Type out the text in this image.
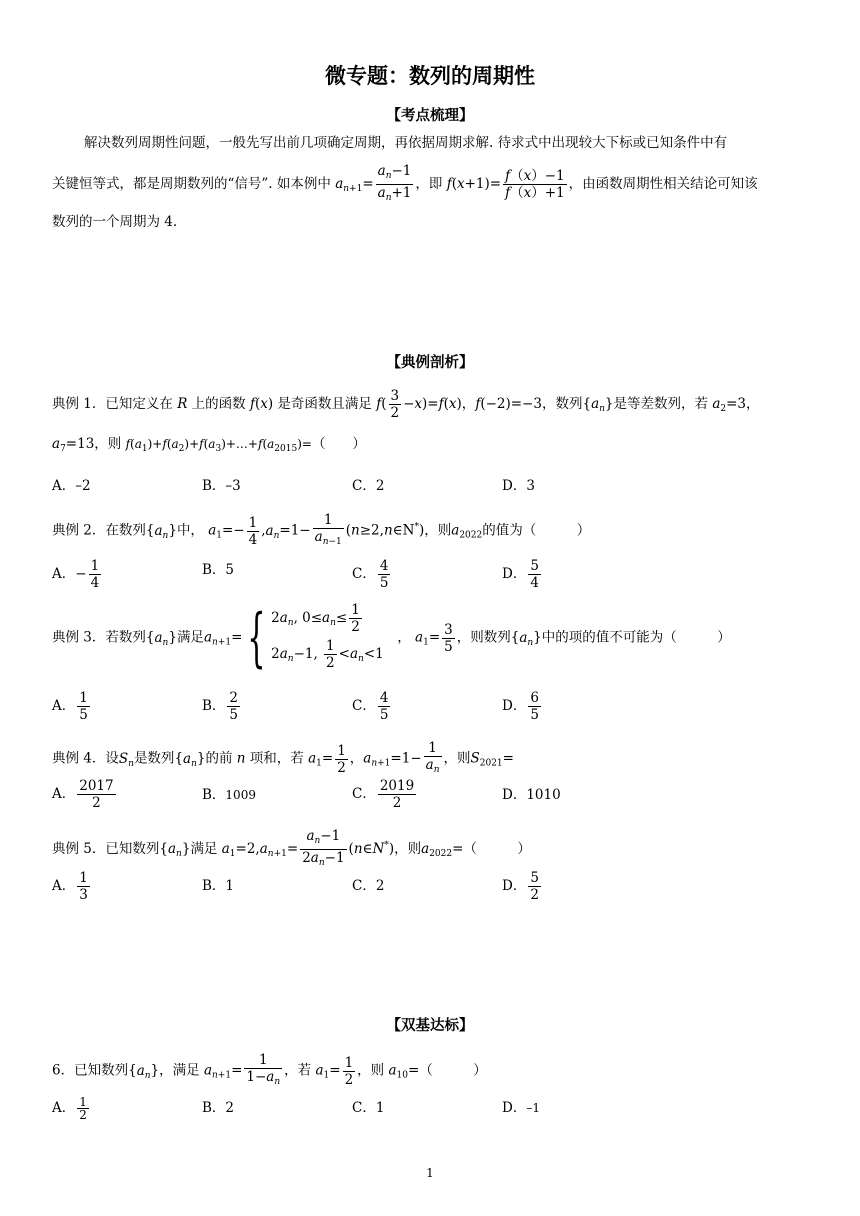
微专题：数列的周期性
【考点梳理】
解决数列周期性问题，一般先写出前几项确定周期，再依据周期求解. 待求式中出现较大下标或已知条件中有
关键恒等式，都是周期数列的“信号”. 如本例中 $a_{n+1}= \frac{a_n-1}{a_n+1}$ ，即 $f(x+1)= \frac{f(x)-1}{f(x)+1}$ ，由函数周期性相关结论可知该
数列的一个周期为 4.
【典例剖析】
典例 1．已知定义在 R 上的函数 f(x) 是奇函数且满足 $f( \frac{3}{2} -x)=f(x)$，f(−2)=−3，数列$\{a_n\}$是等差数列，若 $a_2=3$，
$a_7=13$，则 $f(a_1)+f(a_2)+f(a_3)+\dots+f(a_{2015})=$（　　）
A．–2	B．–3	C．2	D．3
典例 2．在数列$\{a_n\}$中， $a_1=- \frac{1}{4} ,a_n=1- \frac{1}{a_{n-1}}$ (n≥2,n∈N*)，则$a_{2022}$的值为（　　　）
A．− $\frac{1}{4}$	B．5	C． $\frac{4}{5}$	D． $\frac{5}{4}$
典例 3．若数列$\{a_n\}$满足$a_{n+1}=${ $2a_n$, $0\le a_n\le \frac{1}{2}$
$2a_n-1$, $\frac{1}{2} <a_n<1$
　， $a_1= \frac{3}{5}$ ，则数列$\{a_n\}$中的项的值不可能为（　　　）
A． $\frac{1}{5}$	B． $\frac{2}{5}$	C． $\frac{4}{5}$	D． $\frac{6}{5}$
典例 4．设$S_n$是数列$\{a_n\}$的前 n 项和，若 $a_1= \frac{1}{2}$ ，$a_{n+1}=1- \frac{1}{a_n}$ ，则$S_{2021}=$
A． $\frac{2017}{2}$	B．1009	C． $\frac{2019}{2}$	D．1010
典例 5．已知数列$\{a_n\}$满足 $a_1=2,a_{n+1}= \frac{a_n-1}{2a_n-1}$ (n∈N*)，则$a_{2022}=$（　　　）
A． $\frac{1}{3}$	B．1	C．2	D． $\frac{5}{2}$
【双基达标】
6．已知数列$\{a_n\}$，满足 $a_{n+1}= \frac{1}{1-a_n}$ ，若 $a_1= \frac{1}{2}$ ，则 $a_{10}=$（　　　）
A． $\frac{1}{2}$	B．2	C．1	D．–1
1
